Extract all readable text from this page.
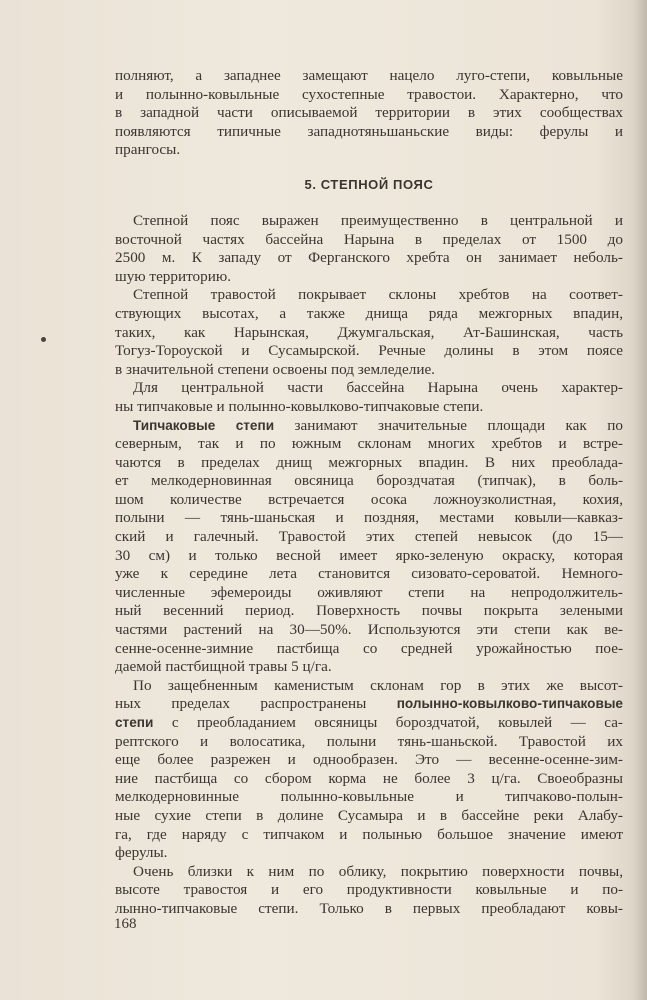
полняют, а западнее замещают нацело луго-степи, ковыльные
и полынно-ковыльные сухостепные травостои. Характерно, что
в западной части описываемой территории в этих сообществах
появляются типичные западнотяньшаньские виды: ферулы и
прангосы.
5. СТЕПНОЙ ПОЯС
Степной пояс выражен преимущественно в центральной и
восточной частях бассейна Нарына в пределах от 1500 до
2500 м. К западу от Ферганского хребта он занимает неболь-
шую территорию.
Степной травостой покрывает склоны хребтов на соответ-
ствующих высотах, а также днища ряда межгорных впадин,
таких, как Нарынская, Джумгальская, Ат-Башинская, часть
Тогуз-Тороуской и Сусамырской. Речные долины в этом поясе
в значительной степени освоены под земледелие.
Для центральной части бассейна Нарына очень характер-
ны типчаковые и полынно-ковылково-типчаковые степи.
Типчаковые степи занимают значительные площади как по
северным, так и по южным склонам многих хребтов и встре-
чаются в пределах днищ межгорных впадин. В них преоблада-
ет мелкодерновинная овсяница бороздчатая (типчак), в боль-
шом количестве встречается осока ложноузколистная, кохия,
полыни — тянь-шаньская и поздняя, местами ковыли—кавказ-
ский и галечный. Травостой этих степей невысок (до 15—
30 см) и только весной имеет ярко-зеленую окраску, которая
уже к середине лета становится сизовато-сероватой. Немного-
численные эфемероиды оживляют степи на непродолжитель-
ный весенний период. Поверхность почвы покрыта зелеными
частями растений на 30—50%. Используются эти степи как ве-
сенне-осенне-зимние пастбища со средней урожайностью пое-
даемой пастбищной травы 5 ц/га.
По защебненным каменистым склонам гор в этих же высот-
ных пределах распространены полынно-ковылково-типчаковые
степи с преобладанием овсяницы бороздчатой, ковылей — са-
рептского и волосатика, полыни тянь-шаньской. Травостой их
еще более разрежен и однообразен. Это — весенне-осенне-зим-
ние пастбища со сбором корма не более 3 ц/га. Своеобразны
мелкодерновинные полынно-ковыльные и типчаково-полын-
ные сухие степи в долине Сусамыра и в бассейне реки Алабу-
га, где наряду с типчаком и полынью большое значение имеют
ферулы.
Очень близки к ним по облику, покрытию поверхности почвы,
высоте травостоя и его продуктивности ковыльные и по-
лынно-типчаковые степи. Только в первых преобладают ковы-
168
